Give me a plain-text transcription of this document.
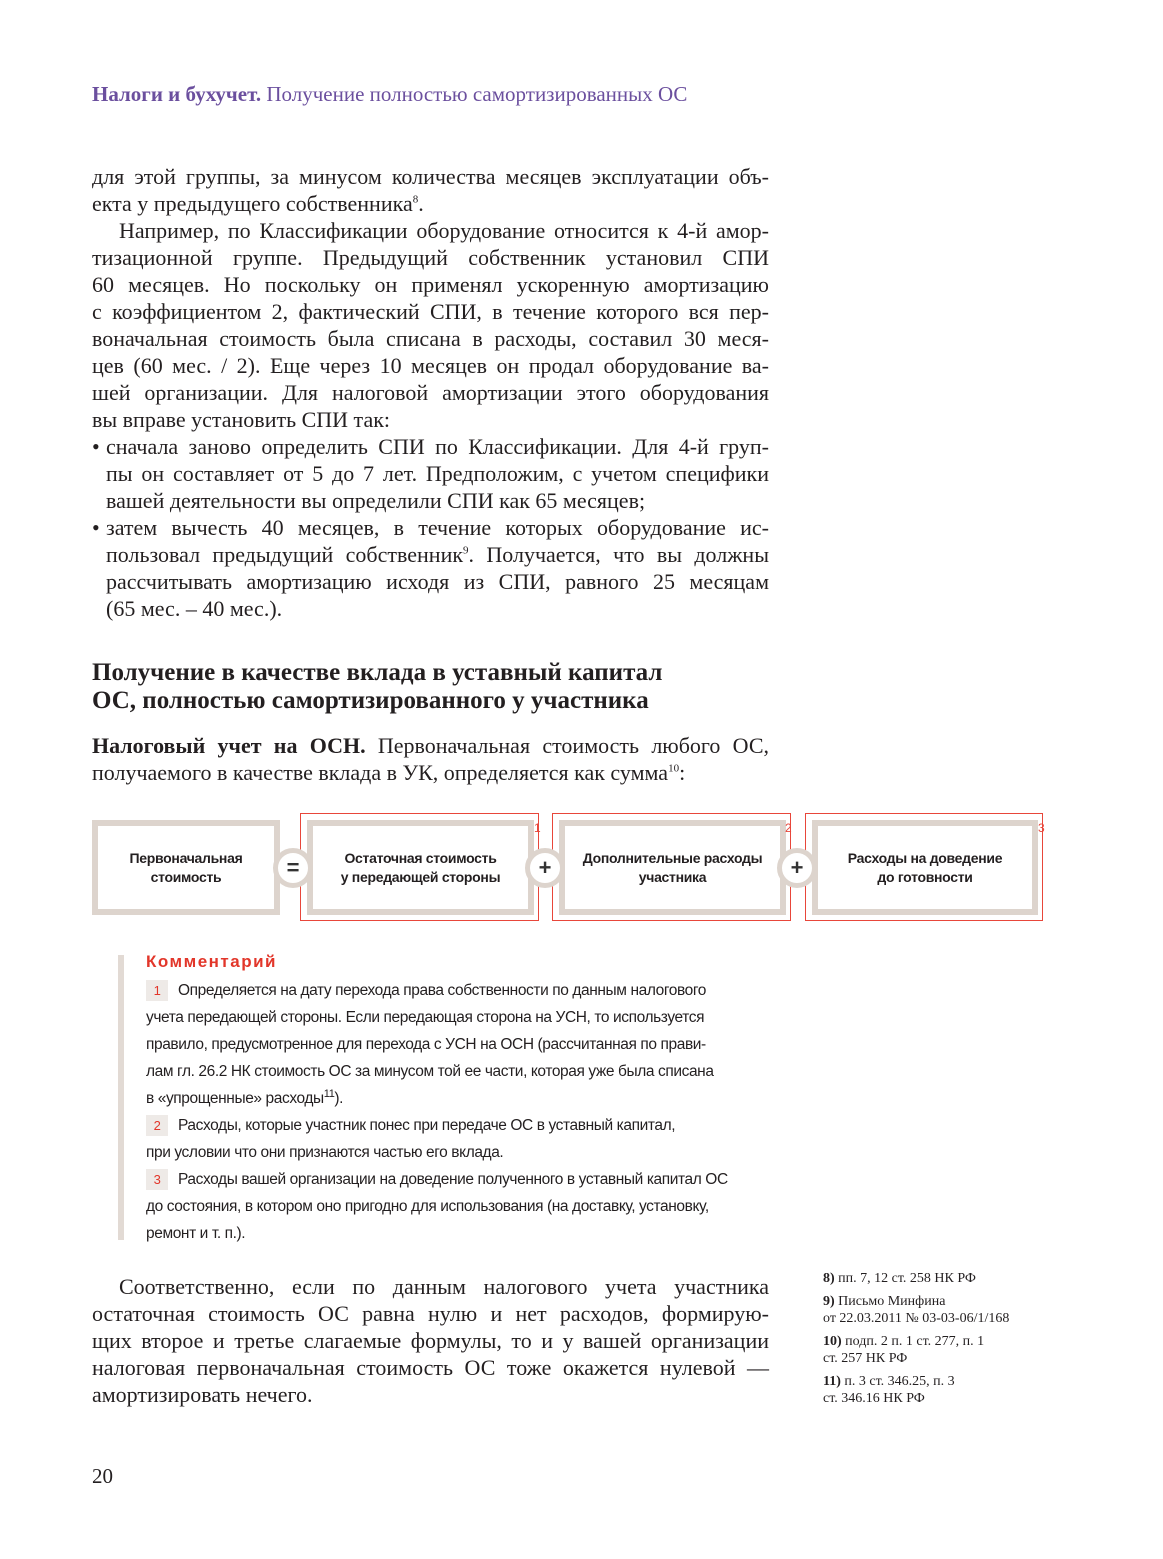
Налоги и бухучет. Получение полностью самортизированных ОС
для этой группы, за минусом количества месяцев эксплуатации объ-
екта у предыдущего собственника$^8$.
Например, по Классификации оборудование относится к 4-й амор-
тизационной группе. Предыдущий собственник установил СПИ
60 месяцев. Но поскольку он применял ускоренную амортизацию
с коэффициентом 2, фактический СПИ, в течение которого вся пер-
воначальная стоимость была списана в расходы, составил 30 меся-
цев (60 мес. / 2). Еще через 10 месяцев он продал оборудование ва-
шей организации. Для налоговой амортизации этого оборудования
вы вправе установить СПИ так:
• сначала заново определить СПИ по Классификации. Для 4-й груп-
пы он составляет от 5 до 7 лет. Предположим, с учетом специфики
вашей деятельности вы определили СПИ как 65 месяцев;
• затем вычесть 40 месяцев, в течение которых оборудование ис-
пользовал предыдущий собственник$^9$. Получается, что вы должны
рассчитывать амортизацию исходя из СПИ, равного 25 месяцам
(65 мес. – 40 мес.).
Получение в качестве вклада в уставный капитал
ОС, полностью самортизированного у участника
Налоговый учет на ОСН. Первоначальная стоимость любого ОС,
получаемого в качестве вклада в УК, определяется как сумма$^{10}$:
Первоначальная
стоимость
Остаточная стоимость
у передающей стороны
Дополнительные расходы
участника
Расходы на доведение
до готовности
1	2	3
=	+	+
Комментарий
1 Определяется на дату перехода права собственности по данным налогового
учета передающей стороны. Если передающая сторона на УСН, то используется
правило, предусмотренное для перехода с УСН на ОСН (рассчитанная по прави-
лам гл. 26.2 НК стоимость ОС за минусом той ее части, которая уже была списана
в «упрощенные» расходы$^{11}$).
2 Расходы, которые участник понес при передаче ОС в уставный капитал,
при условии что они признаются частью его вклада.
3 Расходы вашей организации на доведение полученного в уставный капитал ОС
до состояния, в котором оно пригодно для использования (на доставку, установку,
ремонт и т. п.).
Соответственно, если по данным налогового учета участника
остаточная стоимость ОС равна нулю и нет расходов, формирую-
щих второе и третье слагаемые формулы, то и у вашей организации
налоговая первоначальная стоимость ОС тоже окажется нулевой —
амортизировать нечего.
8) пп. 7, 12 ст. 258 НК РФ
9) Письмо Минфина
от 22.03.2011 № 03-03-06/1/168
10) подп. 2 п. 1 ст. 277, п. 1
ст. 257 НК РФ
11) п. 3 ст. 346.25, п. 3
ст. 346.16 НК РФ
20
